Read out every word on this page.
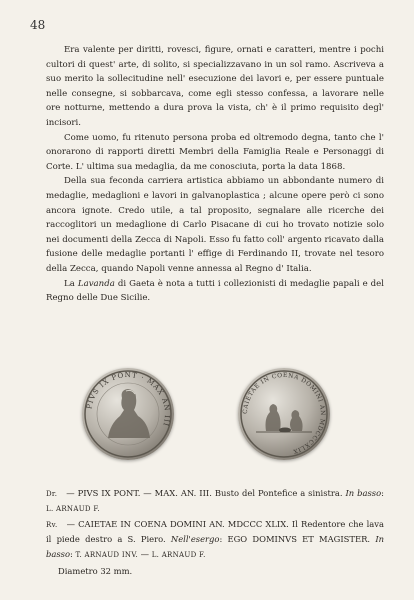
48

Era valente per diritti, rovesci, figure, ornati e caratteri, mentre i pochi cultori di quest' arte, di solito, si specializzavano in un sol ramo. Ascriveva a suo merito la sollecitudine nell' esecuzione dei lavori e, per essere puntuale nelle consegne, si sobbarcava, come egli stesso confessa, a lavorare nelle ore notturne, mettendo a dura prova la vista, ch' è il primo requisito degl' incisori.

Come uomo, fu ritenuto persona proba ed oltremodo degna, tanto che l' onorarono di rapporti diretti Membri della Famiglia Reale e Personaggi di Corte. L' ultima sua medaglia, da me conosciuta, porta la data 1868.

Della sua feconda carriera artistica abbiamo un abbondante numero di medaglie, medaglioni e lavori in galvanoplastica ; alcune opere però ci sono ancora ignote. Credo utile, a tal proposito, segnalare alle ricerche dei raccoglitori un medaglione di Carlo Pisacane di cui ho trovato notizie solo nei documenti della Zecca di Napoli. Esso fu fatto coll' argento ricavato dalla fusione delle medaglie portanti l' effige di Ferdinando II, trovate nel tesoro della Zecca, quando Napoli venne annessa al Regno d' Italia.

La Lavanda di Gaeta è nota a tutti i collezionisti di medaglie papali e del Regno delle Due Sicilie.

PIVS IX PONT · MAX AN III
CAIETAE IN COENA DOMINI AN MDCCCXLIX

Dr. — PIVS IX PONT. — MAX. AN. III. Busto del Pontefice a sinistra. In basso: L. ARNAUD F.

Rv. — CAIETAE IN COENA DOMINI AN. MDCCC XLIX. Il Redentore che lava il piede destro a S. Piero. Nell'esergo: EGO DOMINVS ET MAGISTER. In basso: T. ARNAUD INV. — L. ARNAUD F.

Diametro 32 mm.
